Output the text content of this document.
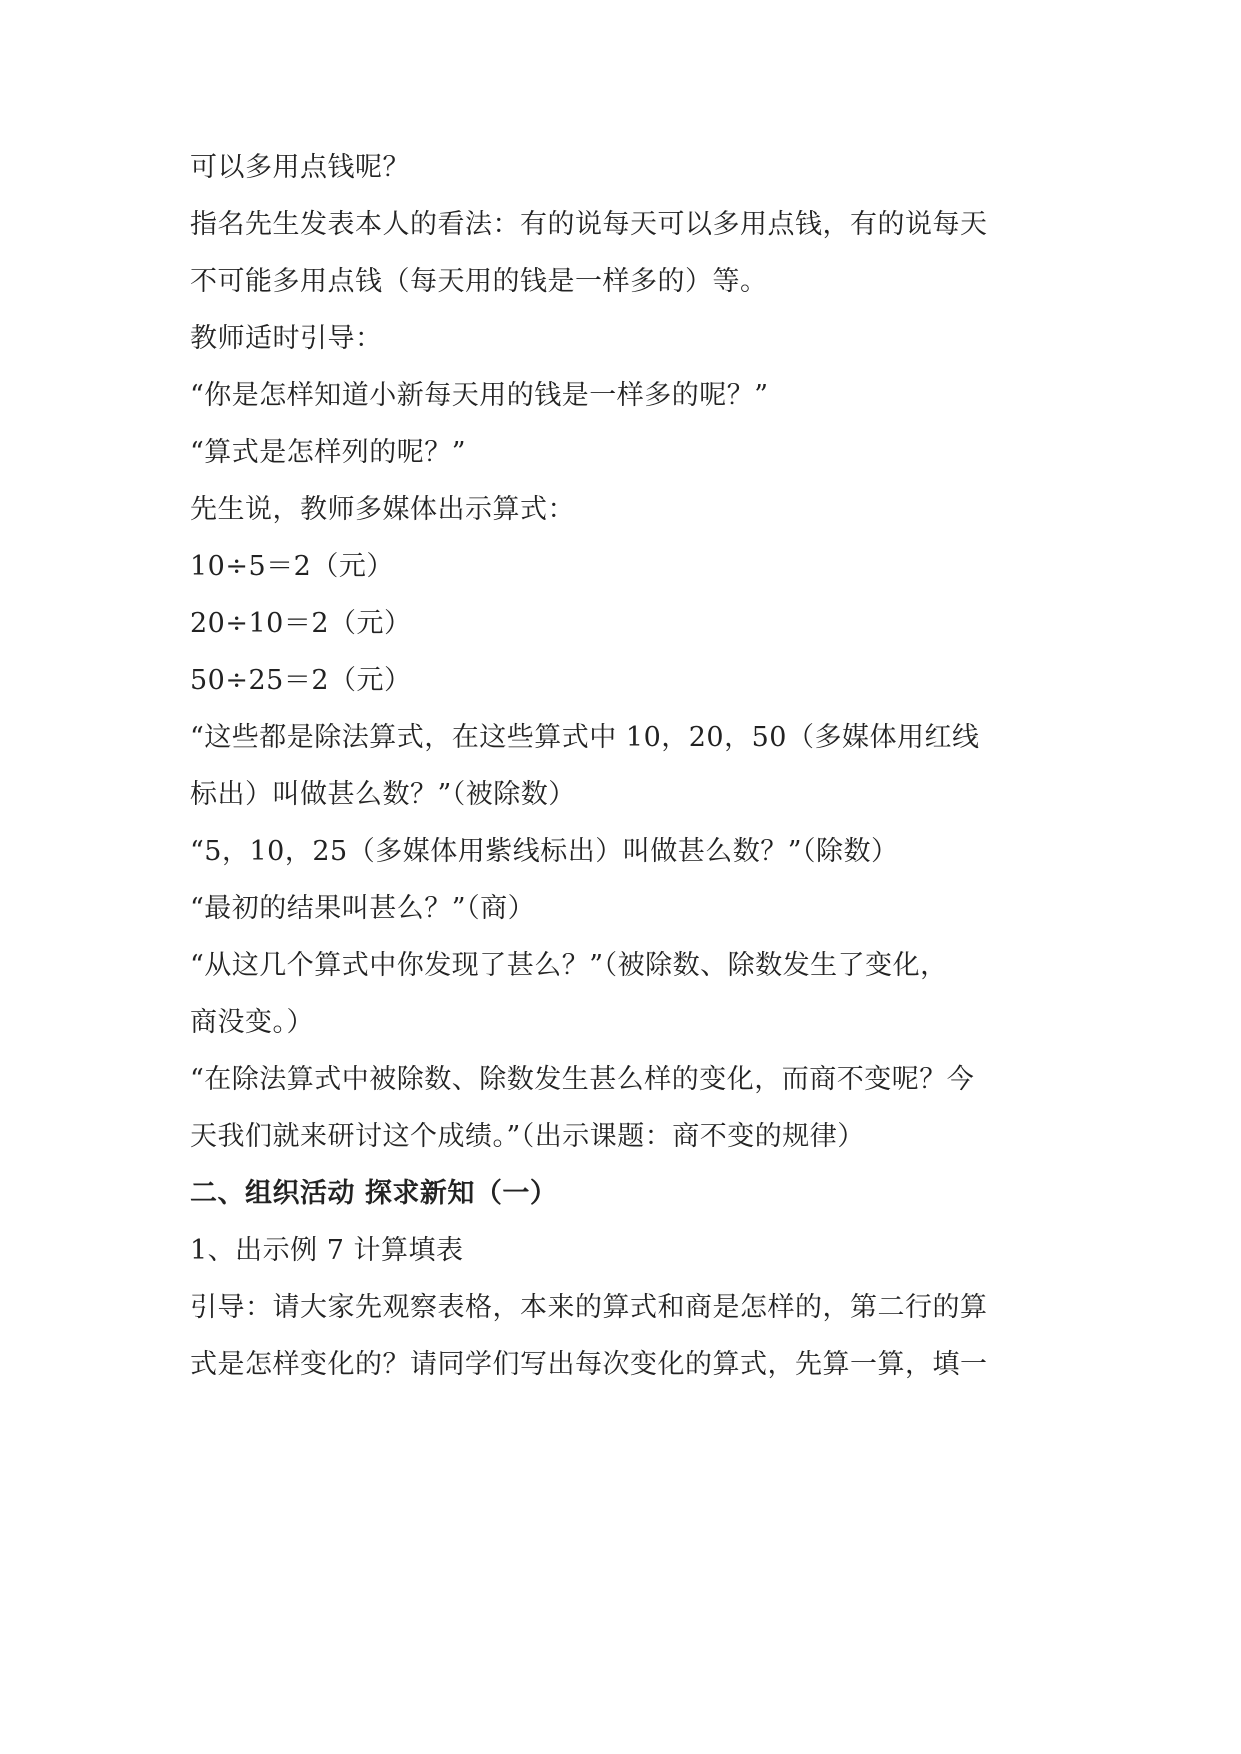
可以多用点钱呢？
指名先生发表本人的看法：有的说每天可以多用点钱，有的说每天
不可能多用点钱（每天用的钱是一样多的）等。
教师适时引导：
“你是怎样知道小新每天用的钱是一样多的呢？”
“算式是怎样列的呢？”
先生说，教师多媒体出示算式：
10÷5＝2（元）
20÷10＝2（元）
50÷25＝2（元）
“这些都是除法算式，在这些算式中 10，20，50（多媒体用红线
标出）叫做甚么数？”（被除数）
“5，10，25（多媒体用紫线标出）叫做甚么数？”（除数）
“最初的结果叫甚么？”（商）
“从这几个算式中你发现了甚么？”（被除数、除数发生了变化，
商没变。）
“在除法算式中被除数、除数发生甚么样的变化，而商不变呢？今
天我们就来研讨这个成绩。”（出示课题：商不变的规律）
二、组织活动 探求新知（一）
1、出示例 7 计算填表
引导：请大家先观察表格，本来的算式和商是怎样的，第二行的算
式是怎样变化的？请同学们写出每次变化的算式，先算一算，填一
